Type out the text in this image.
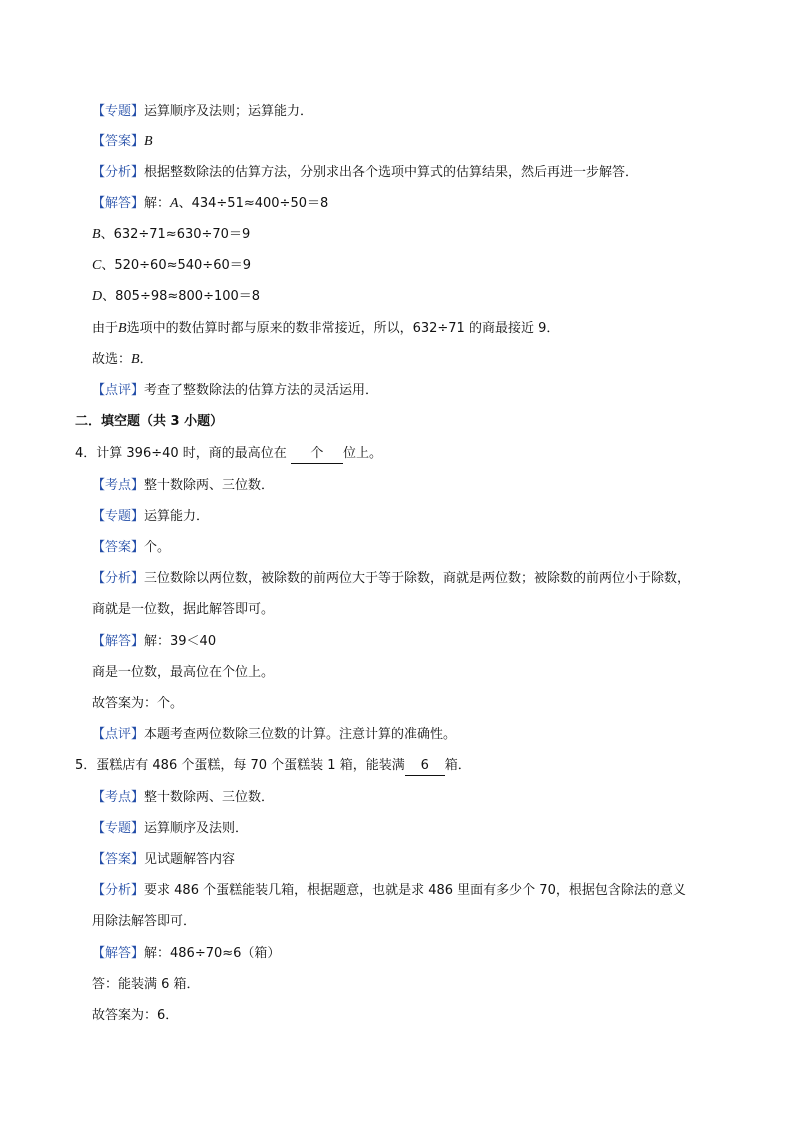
【专题】运算顺序及法则；运算能力．
【答案】B
【分析】根据整数除法的估算方法，分别求出各个选项中算式的估算结果，然后再进一步解答．
【解答】解：A、434÷51≈400÷50＝8
B、632÷71≈630÷70＝9
C、520÷60≈540÷60＝9
D、805÷98≈800÷100＝8
由于B选项中的数估算时都与原来的数非常接近，所以，632÷71 的商最接近 9．
故选：B．
【点评】考查了整数除法的估算方法的灵活运用．
二．填空题（共 3 小题）
4．计算 396÷40 时，商的最高位在 个 位上。
【考点】整十数除两、三位数．
【专题】运算能力．
【答案】个。
【分析】三位数除以两位数，被除数的前两位大于等于除数，商就是两位数；被除数的前两位小于除数，
商就是一位数，据此解答即可。
【解答】解：39＜40
商是一位数，最高位在个位上。
故答案为：个。
【点评】本题考查两位数除三位数的计算。注意计算的准确性。
5．蛋糕店有 486 个蛋糕，每 70 个蛋糕装 1 箱，能装满 6 箱．
【考点】整十数除两、三位数．
【专题】运算顺序及法则．
【答案】见试题解答内容
【分析】要求 486 个蛋糕能装几箱，根据题意，也就是求 486 里面有多少个 70，根据包含除法的意义
用除法解答即可．
【解答】解：486÷70≈6（箱）
答：能装满 6 箱．
故答案为：6．
